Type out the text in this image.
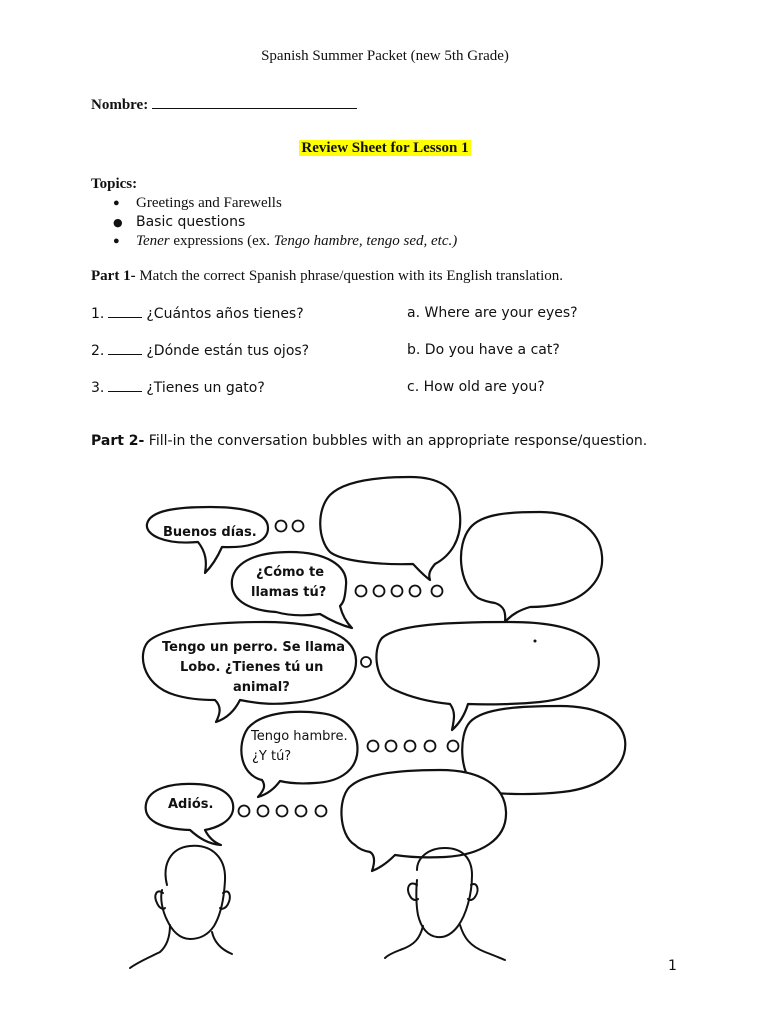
Spanish Summer Packet (new 5th Grade)
Nombre:
Review Sheet for Lesson 1
Topics:
● Greetings and Farewells
● Basic questions
● Tener expressions (ex. Tengo hambre, tengo sed, etc.)
Part 1- Match the correct Spanish phrase/question with its English translation.
1.	¿Cuántos años tienes?	a. Where are your eyes?
2.	¿Dónde están tus ojos?	b. Do you have a cat?
3.	¿Tienes un gato?	c. How old are you?
Part 2- Fill-in the conversation bubbles with an appropriate response/question.
Buenos días.
¿Cómo te
llamas tú?
Tengo un perro. Se llama
Lobo. ¿Tienes tú un
animal?
Tengo hambre.
¿Y tú?
Adiós.
1
